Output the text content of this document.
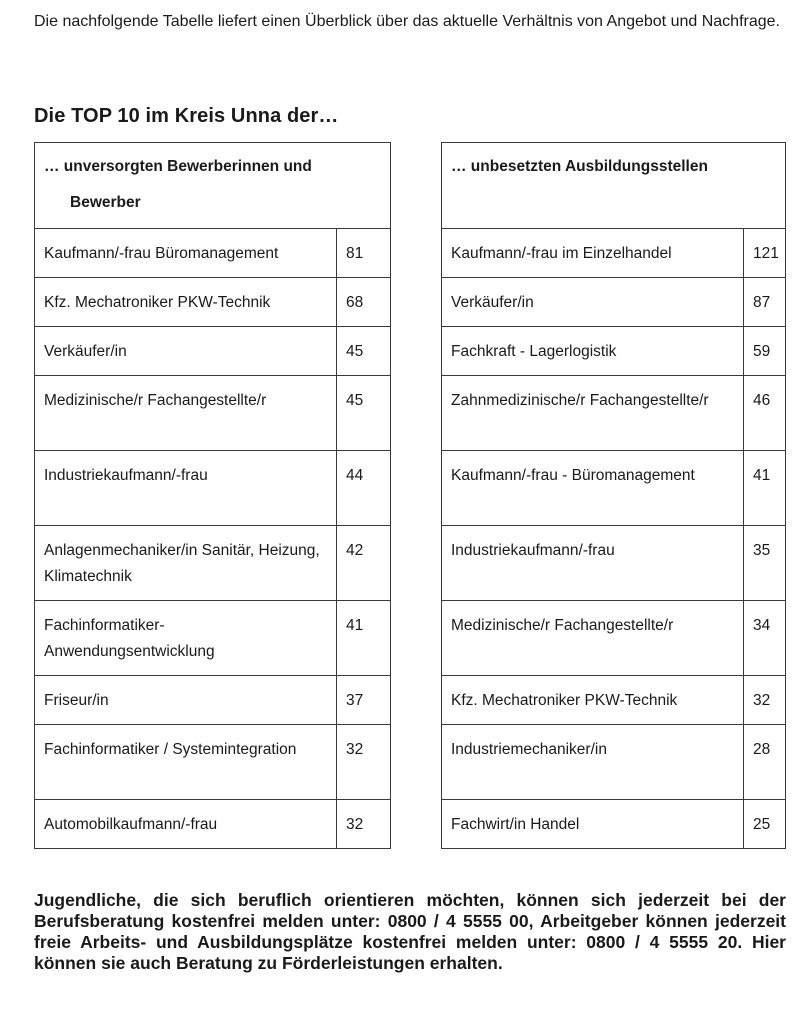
Die nachfolgende Tabelle liefert einen Überblick über das aktuelle Verhältnis von Angebot und Nachfrage.

Die TOP 10 im Kreis Unna der…
… unversorgten Bewerberinnen und
Bewerber	

Kaufmann/-frau Büromanagement	81
Kfz. Mechatroniker PKW-Technik	68
Verkäufer/in	45
Medizinische/r Fachangestellte/r	45
Industriekaufmann/-frau	44
Anlagenmechaniker/in Sanitär, Heizung, Klimatechnik	42
Fachinformatiker- Anwendungsentwicklung	41
Friseur/in	37
Fachinformatiker / Systemintegration	32
Automobilkaufmann/-frau	32
… unbesetzten Ausbildungsstellen	

Kaufmann/-frau im Einzelhandel	121
Verkäufer/in	87
Fachkraft - Lagerlogistik	59
Zahnmedizinische/r Fachangestellte/r	46
Kaufmann/-frau - Büromanagement	41
Industriekaufmann/-frau	35
Medizinische/r Fachangestellte/r	34
Kfz. Mechatroniker PKW-Technik	32
Industriemechaniker/in	28
Fachwirt/in Handel	25

Jugendliche, die sich beruflich orientieren möchten, können sich jederzeit bei der Berufsberatung kostenfrei melden unter: 0800 / 4 5555 00, Arbeitgeber können jederzeit freie Arbeits- und Ausbildungsplätze kostenfrei melden unter: 0800 / 4 5555 20. Hier können sie auch Beratung zu Förderleistungen erhalten.
